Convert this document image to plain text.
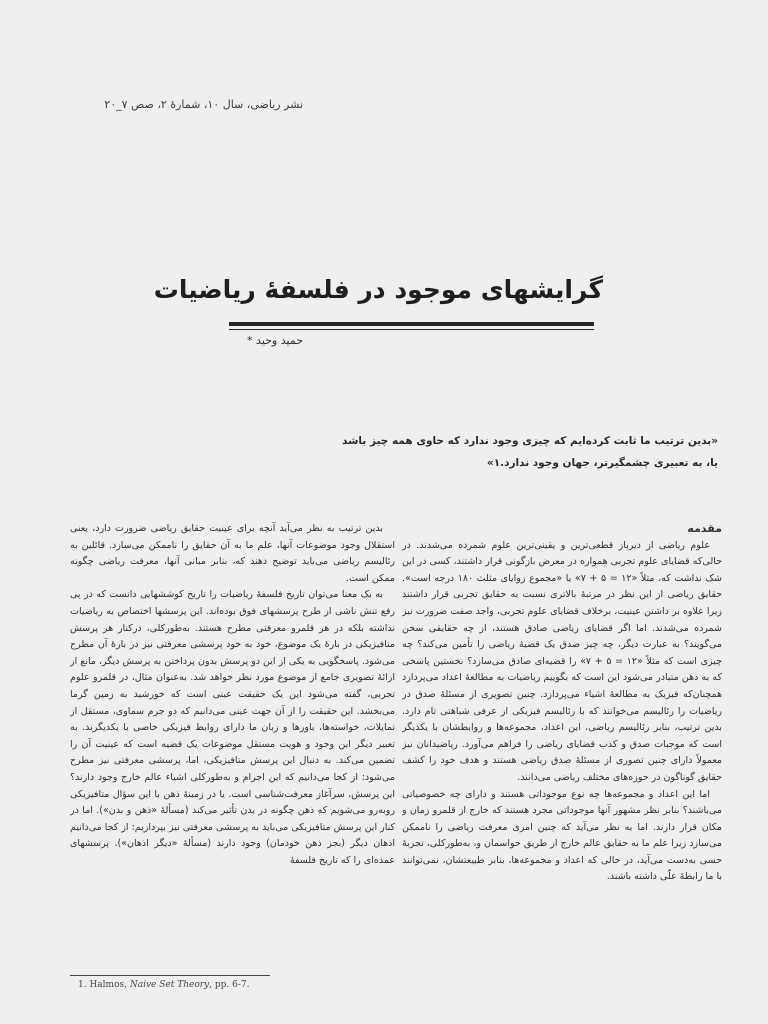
نشر ریاضی، سال ۱۰، شمارهٔ ۲، صص ۷_۲۰
گرایشهای موجود در فلسفهٔ ریاضیات
حمید وحید *

«بدین ترتیب ما ثابت کرده‌ایم که چیزی وجود ندارد که حاوی همه چیز باشد

یا، به تعبیری چشمگیرتر، جهان وجود ندارد.۱»

مقدمه

علوم ریاضی از دیرباز قطعی‌ترین و یقینی‌ترین علوم شمرده می‌شدند. در حالی‌که قضایای علوم تجربی همواره در معرض بازگونی قرار داشتند، کسی در این شک نداشت که، مثلاً «۱۲ = ۵ + ۷» یا «مجموع زوایای مثلث ۱۸۰ درجه است». حقایق ریاضی از این نظر در مرتبهٔ بالاتری نسبت به حقایق تجربی قرار داشتند زیرا علاوه بر داشتن عینیت، برخلاف قضایای علوم تجربی، واجد صفت ضرورت نیز شمرده می‌شدند. اما اگر قضایای ریاضی صادق هستند، از چه حقایقی سخن می‌گویند؟ به عبارت دیگر، چه چیز صدق یک قضیهٔ ریاضی را تأمین می‌کند؟ چه چیزی است که مثلاً «۱۲ = ۵ + ۷» را قضیه‌ای صادق می‌سازد؟ نخستین پاسخی که به ذهن متبادر می‌شود این است که بگوییم ریاضیات به مطالعهٔ اعداد می‌پردازد همچنان‌که فیزیک به مطالعهٔ اشیاء می‌پردازد. چنین تصویری از مسئلهٔ صدق در ریاضیات را رئالیسم می‌خوانند که با رئالیسم فیزیکی از عرفی شباهتی تام دارد. بدین ترتیب، بنابر رئالیسم ریاضی، این اعداد، مجموعه‌ها و روابطشان با یکدیگر است که موجبات صدق و کذب قضایای ریاضی را فراهم می‌آورد. ریاضیدانان نیز معمولاً دارای چنین تصوری از مسئلهٔ صدق ریاضی هستند و هدف خود را کشف حقایق گوناگون در حوزه‌های مختلف ریاضی می‌دانند.

اما این اعداد و مجموعه‌ها چه نوع موجوداتی هستند و دارای چه خصوصیاتی می‌باشند؟ بنابر نظر مشهور آنها موجوداتی مجرد هستند که خارج از قلمرو زمان و مکان قرار دارند. اما به نظر می‌آید که چنین امری معرفت ریاضی را ناممکن می‌سازد زیرا علم ما به حقایق عالم خارج از طریق حواسمان و، به‌طورکلی، تجربهٔ حسی به‌دست می‌آید، در حالی که اعداد و مجموعه‌ها، بنابر طبیعتشان، نمی‌توانند با ما رابطهٔ علّی داشته باشند.

بدین ترتیب به نظر می‌آید آنچه برای عینیت حقایق ریاضی ضرورت دارد، یعنی استقلال وجود موضوعات آنها، علم ما به آن حقایق را ناممکن می‌سازد. قائلین به رئالیسم ریاضی می‌باید توضیح دهند که، بنابر مبانی آنها، معرفت ریاضی چگونه ممکن است.

به یک معنا می‌توان تاریخ فلسفهٔ ریاضیات را تاریخ کوششهایی دانست که در پی رفع تنش ناشی از طرح پرسشهای فوق بوده‌اند. این پرسشها اختصاص به ریاضیات نداشته بلکه در هر قلمرو معرفتی مطرح هستند. به‌طورکلی، درکنار هر پرسش متافیزیکی در بارهٔ یک موضوع، خود به خود پرسشی معرفتی نیز در بارهٔ آن مطرح می‌شود. پاسخگویی به یکی از این دو پرسش بدون پرداختن به پرسش دیگر، مانع از ارائهٔ تصویری جامع از موضوع مورد نظر خواهد شد. به‌عنوان مثال، در قلمرو علوم تجربی، گفته می‌شود این یک حقیقت عینی است که خورشید به زمین گرما می‌بخشد. این حقیقت را از آن جهت عینی می‌دانیم که دو جرم سماوی، مستقل از تمایلات، خواسته‌ها، باورها و زبان ما دارای روابط فیزیکی خاصی با یکدیگرند. به تعبیر دیگر این وجود و هویت مستقل موضوعات یک قضیه است که عینیت آن را تضمین می‌کند. به دنبال این پرسش متافیزیکی، اما، پرسشی معرفتی نیز مطرح می‌شود: از کجا می‌دانیم که این اجرام و به‌طورکلی اشیاء عالم خارج وجود دارند؟ این پرسش، سرآغاز معرفت‌شناسی است. یا در زمینهٔ ذهن با این سؤال متافیزیکی روبه‌رو می‌شویم که ذهن چگونه در بدن تأثیر می‌کند (مسألهٔ «ذهن و بدن»). اما در کنار این پرسش متافیزیکی می‌باید به پرسشی معرفتی نیز بپردازیم: از کجا می‌دانیم اذهان دیگر (بجز ذهن خودمان) وجود دارند (مسألهٔ «دیگر اذهان»). پرسشهای عمده‌ای را که تاریخ فلسفهٔ

1. Halmos, Naive Set Theory, pp. 6-7.
